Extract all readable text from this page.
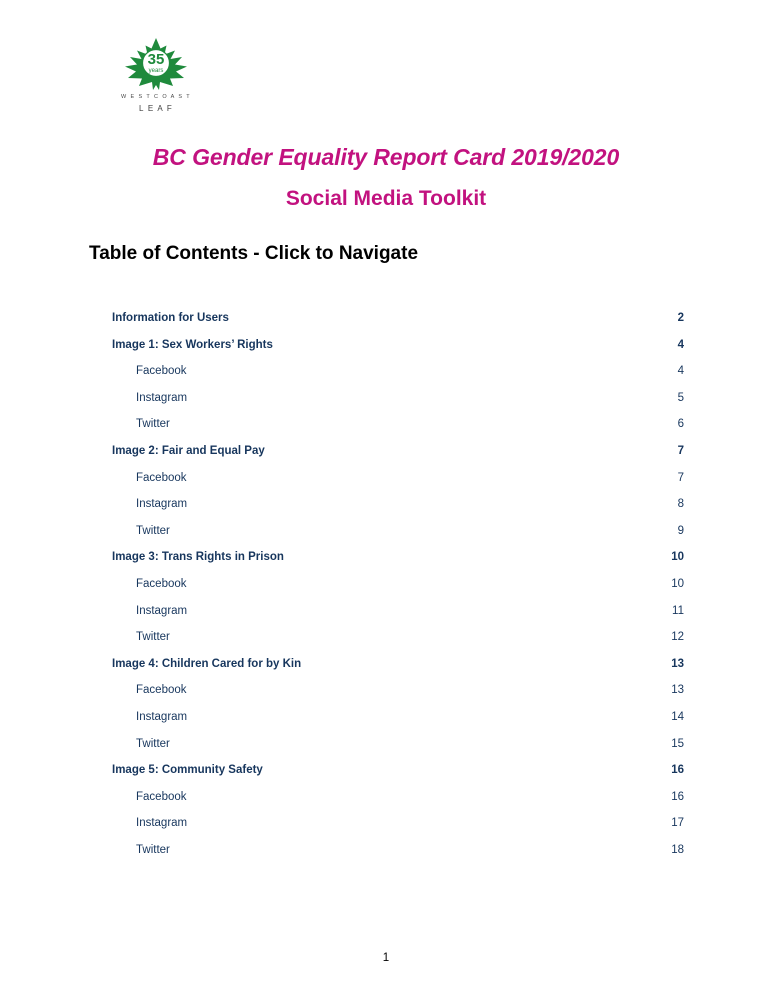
35
years
W E S T C O A S T
L E A F
BC Gender Equality Report Card 2019/2020
Social Media Toolkit
Table of Contents - Click to Navigate
Information for Users	2
Image 1: Sex Workers’ Rights	4
Facebook	4
Instagram	5
Twitter	6
Image 2: Fair and Equal Pay	7
Facebook	7
Instagram	8
Twitter	9
Image 3: Trans Rights in Prison	10
Facebook	10
Instagram	11
Twitter	12
Image 4: Children Cared for by Kin	13
Facebook	13
Instagram	14
Twitter	15
Image 5: Community Safety	16
Facebook	16
Instagram	17
Twitter	18
1
